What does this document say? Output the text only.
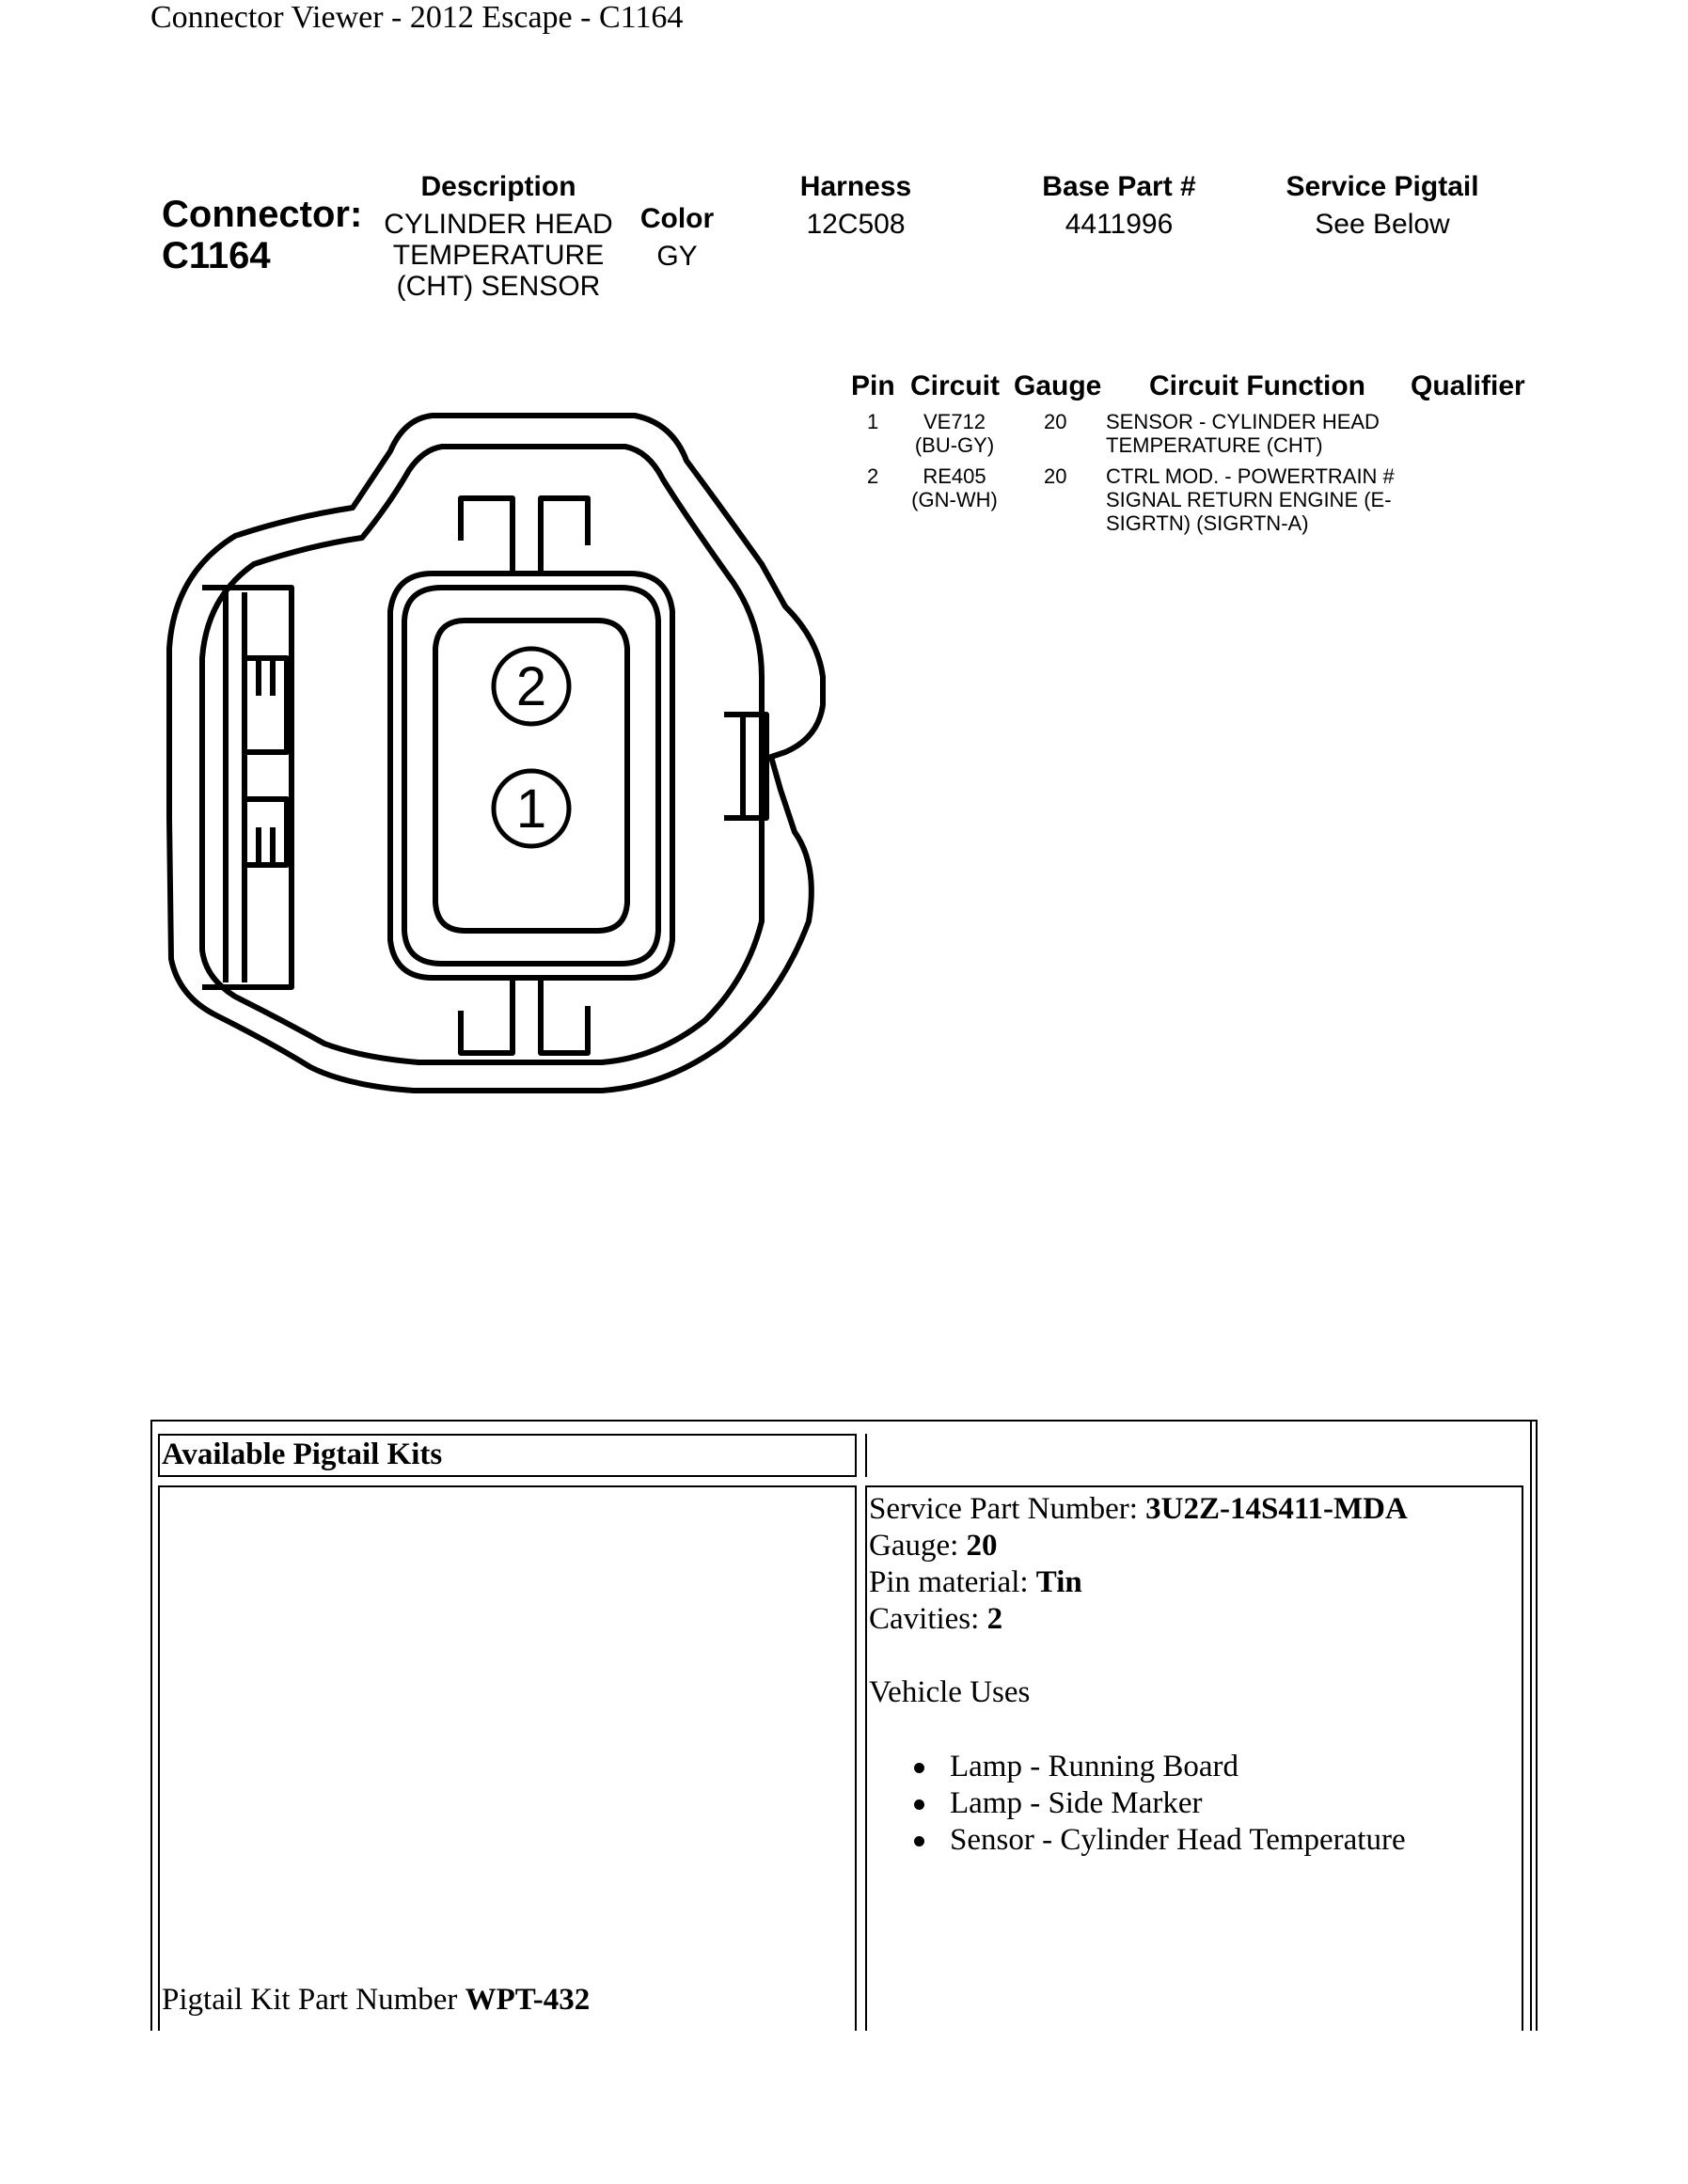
Connector Viewer - 2012 Escape - C1164
Connector:
C1164
Description
CYLINDER HEAD
TEMPERATURE
(CHT) SENSOR
Color
GY
Harness
12C508
Base Part #
4411996
Service Pigtail
See Below
Pin Circuit Gauge Circuit Function Qualifier
1	VE712
(BU-GY)
20 SENSOR - CYLINDER HEAD
TEMPERATURE (CHT)
2	RE405
(GN-WH)
20 CTRL MOD. - POWERTRAIN #
SIGNAL RETURN ENGINE (E-
SIGRTN) (SIGRTN-A)
2
1
Available Pigtail Kits
Pigtail Kit Part Number WPT-432
Service Part Number: 3U2Z-14S411-MDA
Gauge: 20
Pin material: Tin
Cavities: 2
Vehicle Uses
Lamp - Running Board
Lamp - Side Marker
Sensor - Cylinder Head Temperature
